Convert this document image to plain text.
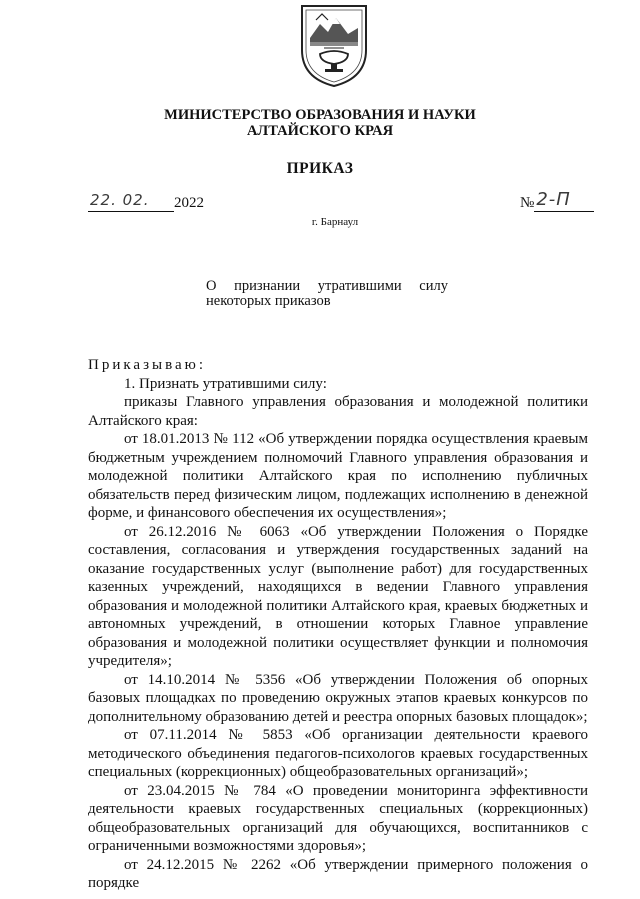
МИНИСТЕРСТВО ОБРАЗОВАНИЯ И НАУКИ
АЛТАЙСКОГО КРАЯ
ПРИКАЗ
22. 02. 2022	№ 2-П
г. Барнаул
О признании утратившими силу
некоторых приказов

Приказываю:

1. Признать утратившими силу:

приказы Главного управления образования и молодежной политики Алтайского края:

от 18.01.2013 № 112 «Об утверждении порядка осуществления краевым бюджетным учреждением полномочий Главного управления образования и молодежной политики Алтайского края по исполнению публичных обязательств перед физическим лицом, подлежащих исполнению в денежной форме, и финансового обеспечения их осуществления»;

от 26.12.2016 № 6063 «Об утверждении Положения о Порядке составления, согласования и утверждения государственных заданий на оказание государственных услуг (выполнение работ) для государственных казенных учреждений, находящихся в ведении Главного управления образования и молодежной политики Алтайского края, краевых бюджетных и автономных учреждений, в отношении которых Главное управление образования и молодежной политики осуществляет функции и полномочия учредителя»;

от 14.10.2014 № 5356 «Об утверждении Положения об опорных базовых площадках по проведению окружных этапов краевых конкурсов по дополнительному образованию детей и реестра опорных базовых площадок»;

от 07.11.2014 № 5853 «Об организации деятельности краевого методического объединения педагогов-психологов краевых государственных специальных (коррекционных) общеобразовательных организаций»;

от 23.04.2015 № 784 «О проведении мониторинга эффективности деятельности краевых государственных специальных (коррекционных) общеобразовательных организаций для обучающихся, воспитанников с ограниченными возможностями здоровья»;

от 24.12.2015 № 2262 «Об утверждении примерного положения о порядке
